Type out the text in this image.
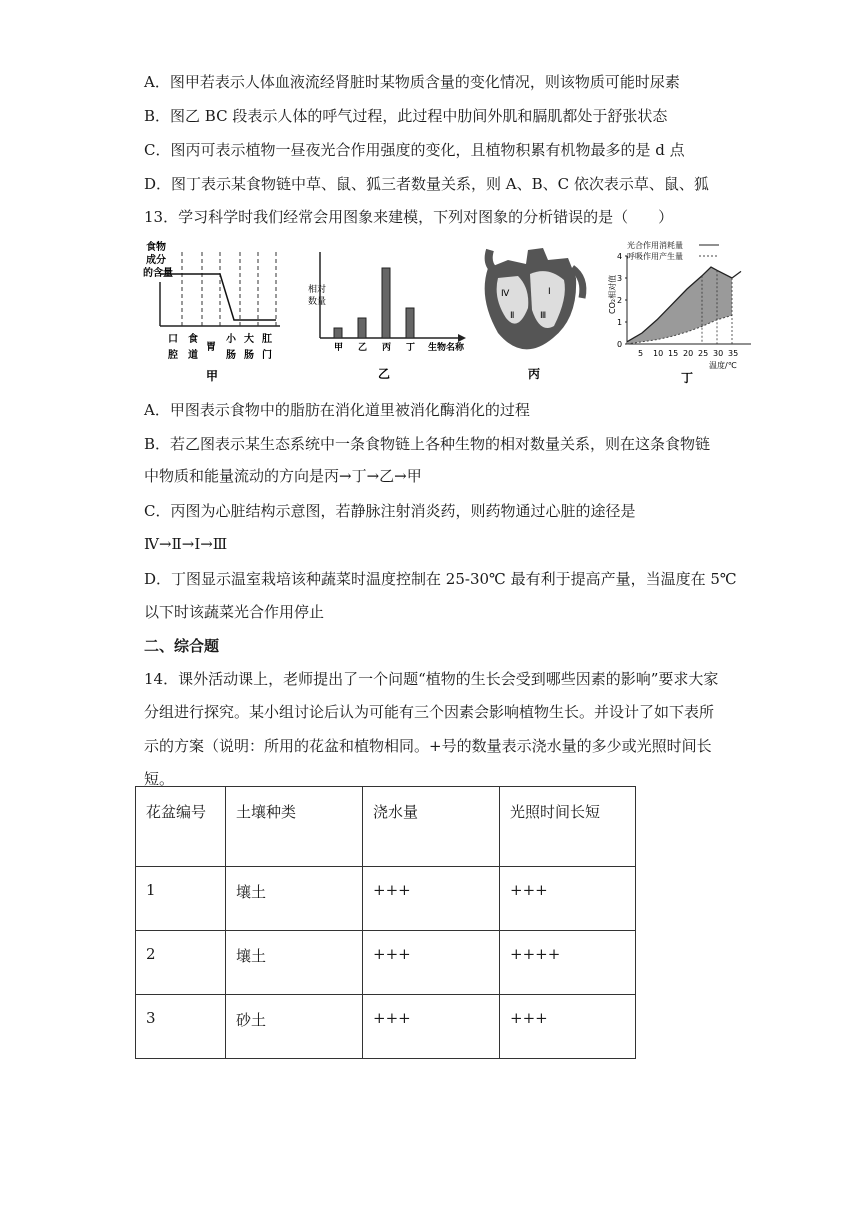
A．图甲若表示人体血液流经肾脏时某物质含量的变化情况，则该物质可能时尿素
B．图乙 BC 段表示人体的呼气过程，此过程中肋间外肌和膈肌都处于舒张状态
C．图丙可表示植物一昼夜光合作用强度的变化，且植物积累有机物最多的是 d 点
D．图丁表示某食物链中草、鼠、狐三者数量关系，则 A、B、C 依次表示草、鼠、狐
13．学习科学时我们经常会用图象来建模，下列对图象的分析错误的是（　　）
食物
成分
的含量
口
腔
食
道
胃
小
肠
大
肠
肛
门
甲
相对
数量
甲 乙 丙 丁 生物名称
乙
Ⅳ	Ⅰ
Ⅱ	Ⅲ
丙
光合作用消耗量
呼吸作用产生量
CO₂相对值
0
1
2
3
4
5 10 15 20 25 30 35
温度/℃
丁
A．甲图表示食物中的脂肪在消化道里被消化酶消化的过程
B．若乙图表示某生态系统中一条食物链上各种生物的相对数量关系，则在这条食物链
中物质和能量流动的方向是丙→丁→乙→甲
C．丙图为心脏结构示意图，若静脉注射消炎药，则药物通过心脏的途径是
Ⅳ→Ⅱ→Ⅰ→Ⅲ
D．丁图显示温室栽培该种蔬菜时温度控制在 25-30℃ 最有利于提高产量，当温度在 5℃
以下时该蔬菜光合作用停止
二、综合题
14．课外活动课上，老师提出了一个问题“植物的生长会受到哪些因素的影响”要求大家
分组进行探究。某小组讨论后认为可能有三个因素会影响植物生长。并设计了如下表所
示的方案（说明：所用的花盆和植物相同。+号的数量表示浇水量的多少或光照时间长
短。
花盆编号	土壤种类	浇水量	光照时间长短
1	壤土	+++	+++
2	壤土	+++	++++
3	砂土	+++	+++
